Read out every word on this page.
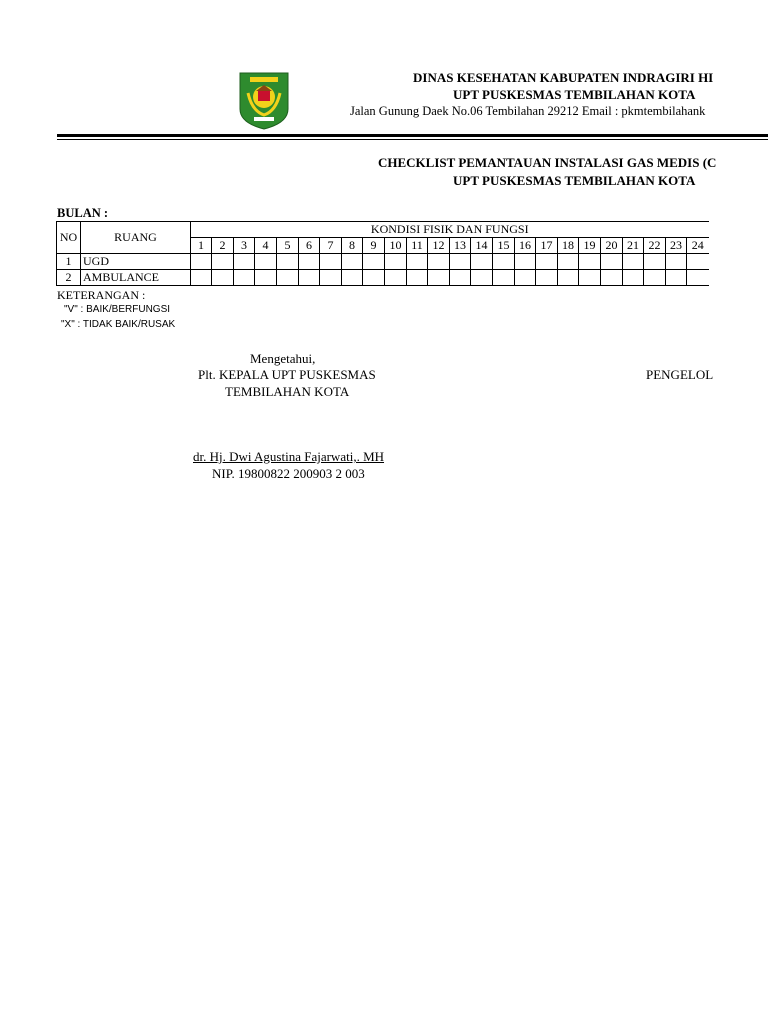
DINAS KESEHATAN KABUPATEN INDRAGIRI HI
UPT PUSKESMAS TEMBILAHAN KOTA
Jalan Gunung Daek No.06 Tembilahan 29212 Email : pkmtembilahank
CHECKLIST PEMANTAUAN INSTALASI GAS MEDIS (C
UPT PUSKESMAS TEMBILAHAN KOTA
BULAN :
NO	RUANG	KONDISI FISIK DAN FUNGSI																							
		1	2	3	4	5	6	7	8	9	10	11	12	13	14	15	16	17	18	19	20	21	22	23	24
1	UGD																								
2	AMBULANCE																								
KETERANGAN :
"V" : BAIK/BERFUNGSI
"X" : TIDAK BAIK/RUSAK
Mengetahui,
Plt. KEPALA UPT PUSKESMAS
TEMBILAHAN KOTA
dr. Hj. Dwi Agustina Fajarwati,. MH
NIP. 19800822 200903 2 003
PENGELOL
